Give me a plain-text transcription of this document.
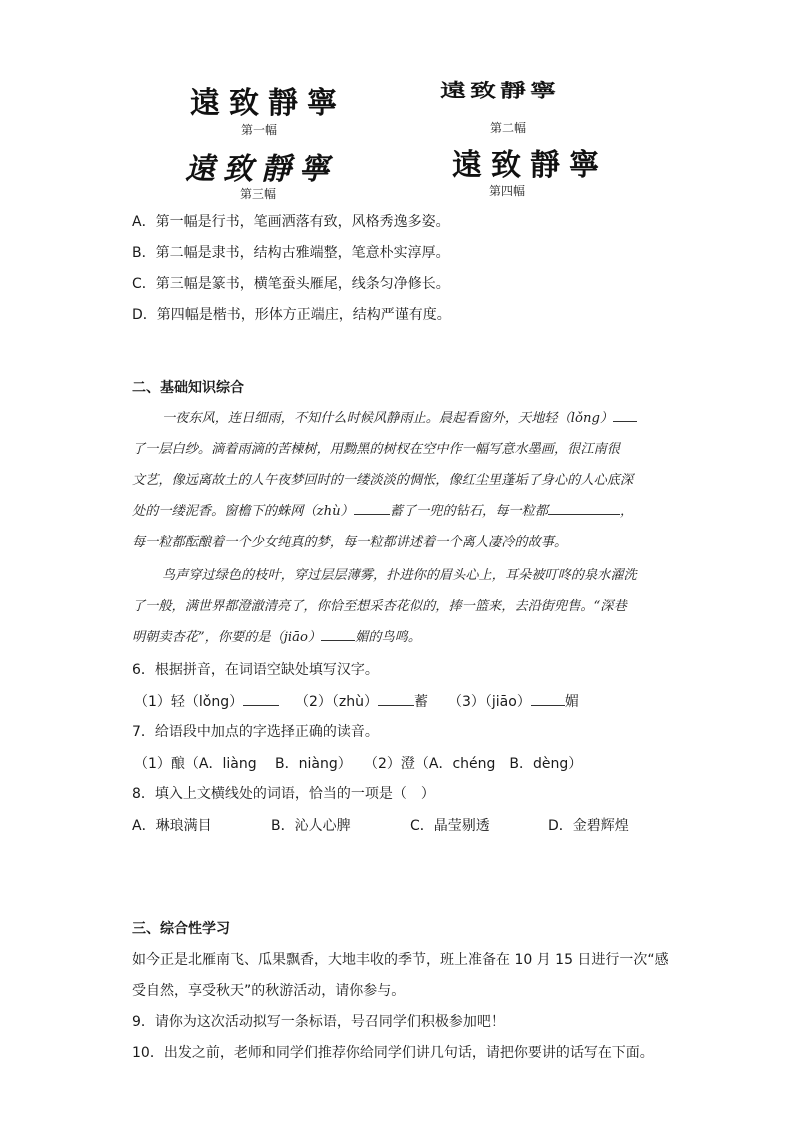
遠致靜寧
第一幅
遠致靜寧
第二幅
遠致靜寧
第三幅
遠致靜寧
第四幅
A．第一幅是行书，笔画洒落有致，风格秀逸多姿。
B．第二幅是隶书，结构古雅端整，笔意朴实淳厚。
C．第三幅是篆书，横笔蚕头雁尾，线条匀净修长。
D．第四幅是楷书，形体方正端庄，结构严谨有度。
二、基础知识综合
一夜东风，连日细雨，不知什么时候风静雨止。晨起看窗外，天地轻（lǒng）
了一层白纱。滴着雨滴的苦楝树，用黝黑的树杈在空中作一幅写意水墨画，很江南很
文艺，像远离故土的人午夜梦回时的一缕淡淡的惆怅，像红尘里蓬垢了身心的人心底深
处的一缕泥香。窗檐下的蛛网（zhù）	蓄了一兜的钻石，每一粒都	，
每一粒都酝酿着一个少女纯真的梦，每一粒都讲述着一个离人凄冷的故事。
鸟声穿过绿色的枝叶，穿过层层薄雾，扑进你的眉头心上，耳朵被叮咚的泉水濯洗
了一般，满世界都澄澈清亮了，你恰至想采杏花似的，捧一篮来，去沿街兜售。“深巷
明朝卖杏花”，你要的是（jiāo）	媚的鸟鸣。
6．根据拼音，在词语空缺处填写汉字。
（1）轻（lǒng）	（2）（zhù）	蓄 （3）（jiāo） 媚
7．给语段中加点的字选择正确的读音。
（1）酿（A．liàng　 B．niàng） （2）澄（A．chéng　B．dèng）
8．填入上文横线处的词语，恰当的一项是（　）
A．琳琅满目	B．沁人心脾	C．晶莹剔透	D．金碧辉煌
三、综合性学习
如今正是北雁南飞、瓜果飘香，大地丰收的季节，班上准备在 10 月 15 日进行一次“感
受自然，享受秋天”的秋游活动，请你参与。
9．请你为这次活动拟写一条标语，号召同学们积极参加吧！
10．出发之前，老师和同学们推荐你给同学们讲几句话，请把你要讲的话写在下面。
